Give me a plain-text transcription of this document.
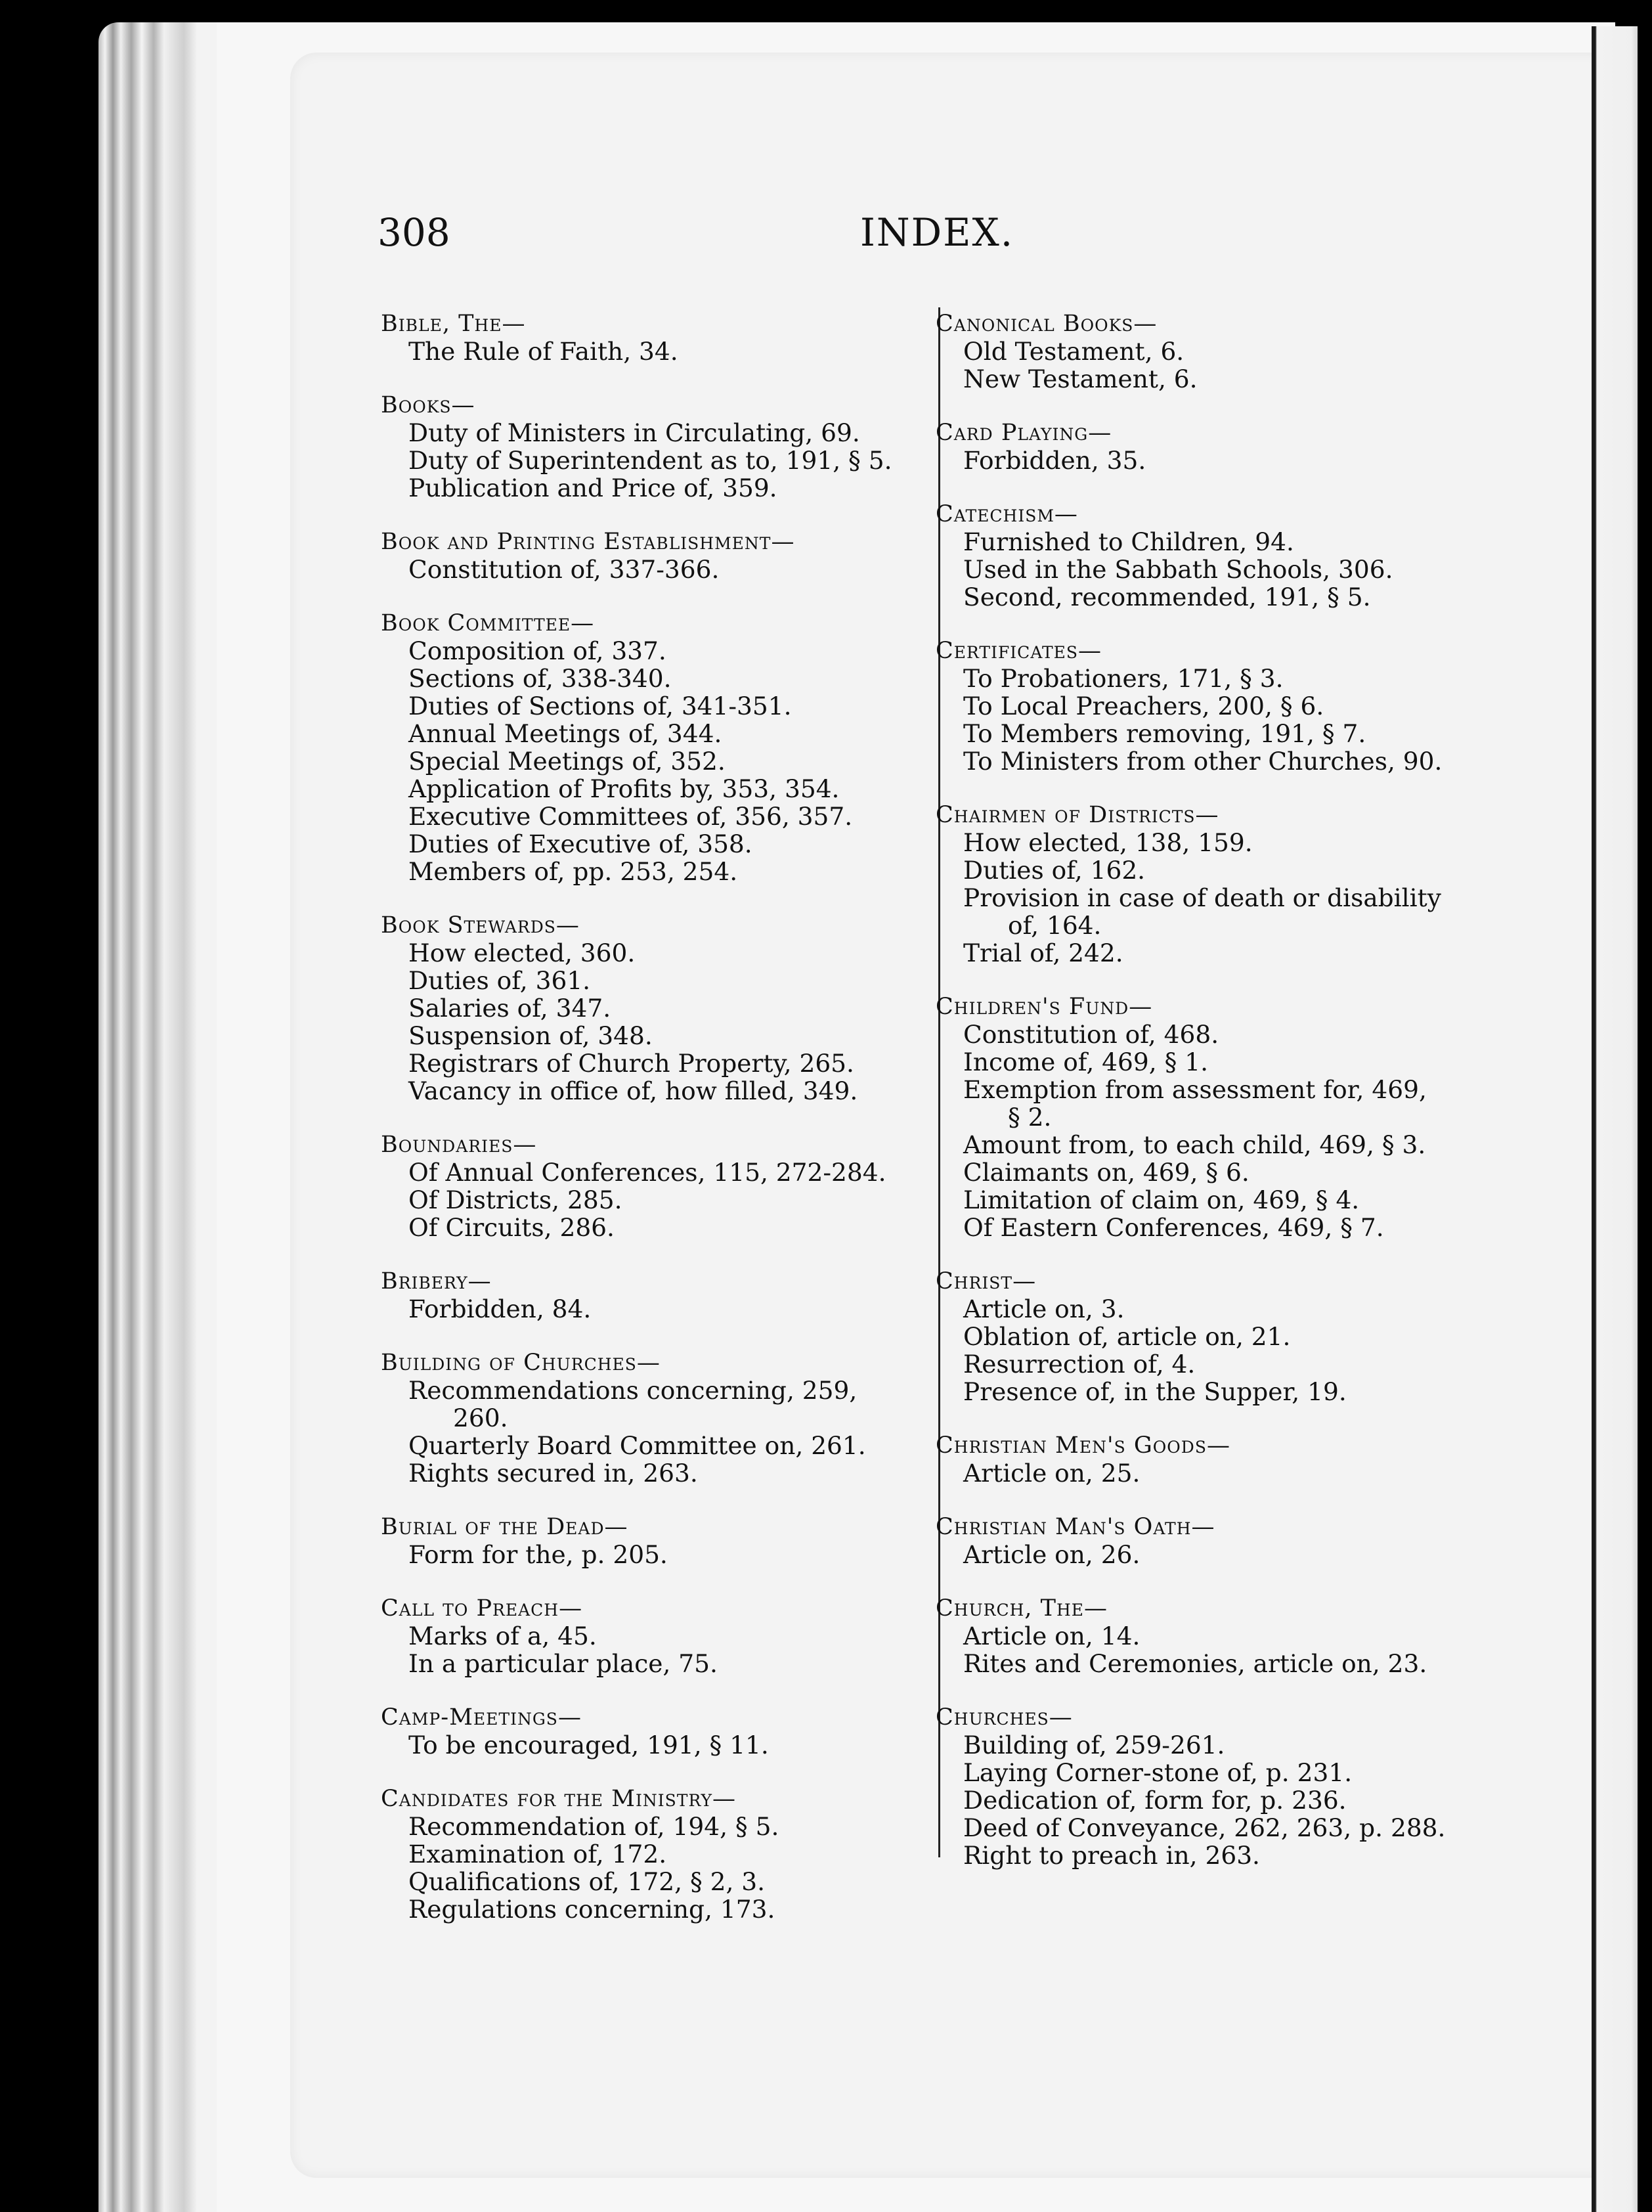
308	INDEX.
Bible, The—
The Rule of Faith, 34.
Books—
Duty of Ministers in Circulating, 69.
Duty of Superintendent as to, 191, § 5.
Publication and Price of, 359.
Book and Printing Establishment—
Constitution of, 337-366.
Book Committee—
Composition of, 337.
Sections of, 338-340.
Duties of Sections of, 341-351.
Annual Meetings of, 344.
Special Meetings of, 352.
Application of Profits by, 353, 354.
Executive Committees of, 356, 357.
Duties of Executive of, 358.
Members of, pp. 253, 254.
Book Stewards—
How elected, 360.
Duties of, 361.
Salaries of, 347.
Suspension of, 348.
Registrars of Church Property, 265.
Vacancy in office of, how filled, 349.
Boundaries—
Of Annual Conferences, 115, 272-284.
Of Districts, 285.
Of Circuits, 286.
Bribery—
Forbidden, 84.
Building of Churches—
Recommendations concerning, 259,
260.
Quarterly Board Committee on, 261.
Rights secured in, 263.
Burial of the Dead—
Form for the, p. 205.
Call to Preach—
Marks of a, 45.
In a particular place, 75.
Camp-Meetings—
To be encouraged, 191, § 11.
Candidates for the Ministry—
Recommendation of, 194, § 5.
Examination of, 172.
Qualifications of, 172, § 2, 3.
Regulations concerning, 173.
Canonical Books—
Old Testament, 6.
New Testament, 6.
Card Playing—
Forbidden, 35.
Catechism—
Furnished to Children, 94.
Used in the Sabbath Schools, 306.
Second, recommended, 191, § 5.
Certificates—
To Probationers, 171, § 3.
To Local Preachers, 200, § 6.
To Members removing, 191, § 7.
To Ministers from other Churches, 90.
Chairmen of Districts—
How elected, 138, 159.
Duties of, 162.
Provision in case of death or disability
of, 164.
Trial of, 242.
Children's Fund—
Constitution of, 468.
Income of, 469, § 1.
Exemption from assessment for, 469,
§ 2.
Amount from, to each child, 469, § 3.
Claimants on, 469, § 6.
Limitation of claim on, 469, § 4.
Of Eastern Conferences, 469, § 7.
Christ—
Article on, 3.
Oblation of, article on, 21.
Resurrection of, 4.
Presence of, in the Supper, 19.
Christian Men's Goods—
Article on, 25.
Christian Man's Oath—
Article on, 26.
Church, The—
Article on, 14.
Rites and Ceremonies, article on, 23.
Churches—
Building of, 259-261.
Laying Corner-stone of, p. 231.
Dedication of, form for, p. 236.
Deed of Conveyance, 262, 263, p. 288.
Right to preach in, 263.
